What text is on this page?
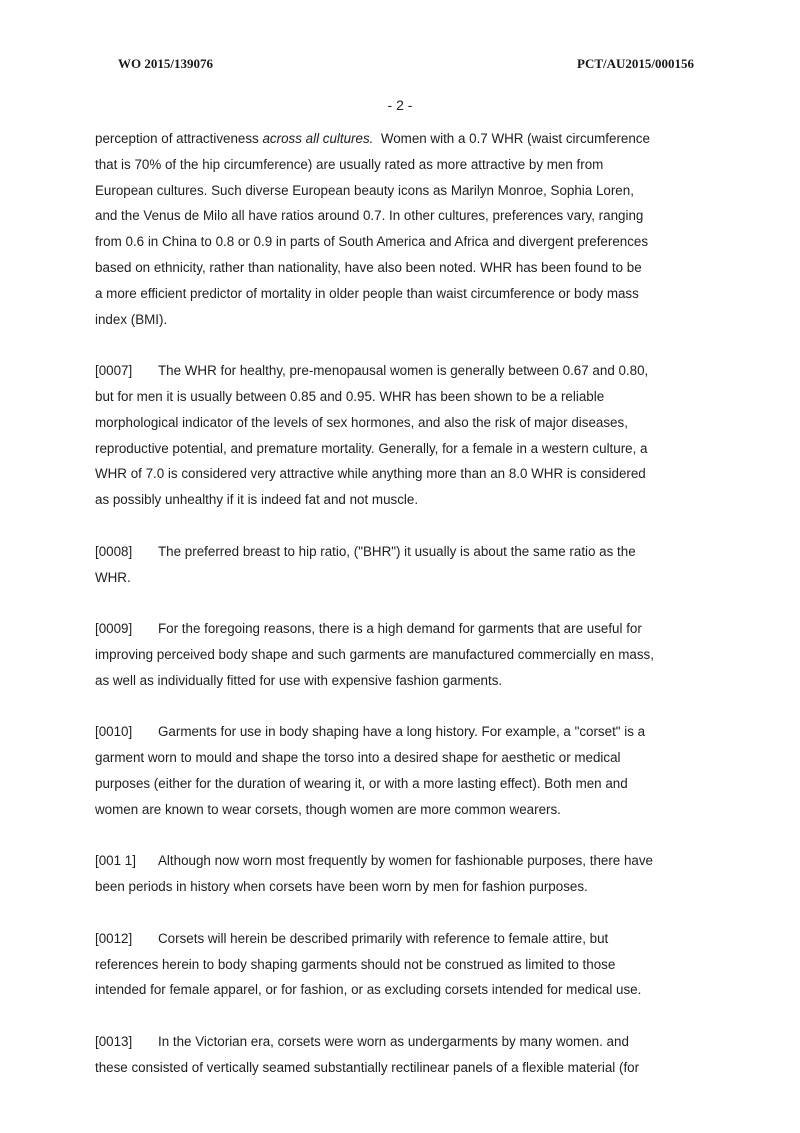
WO 2015/139076	PCT/AU2015/000156
- 2 -

perception of attractiveness across all cultures.  Women with a 0.7 WHR (waist circumference
that is 70% of the hip circumference) are usually rated as more attractive by men from
European cultures. Such diverse European beauty icons as Marilyn Monroe, Sophia Loren,
and the Venus de Milo all have ratios around 0.7. In other cultures, preferences vary, ranging
from 0.6 in China to 0.8 or 0.9 in parts of South America and Africa and divergent preferences
based on ethnicity, rather than nationality, have also been noted. WHR has been found to be
a more efficient predictor of mortality in older people than waist circumference or body mass
index (BMI).

[0007] The WHR for healthy, pre-menopausal women is generally between 0.67 and 0.80,
but for men it is usually between 0.85 and 0.95. WHR has been shown to be a reliable
morphological indicator of the levels of sex hormones, and also the risk of major diseases,
reproductive potential, and premature mortality. Generally, for a female in a western culture, a
WHR of 7.0 is considered very attractive while anything more than an 8.0 WHR is considered
as possibly unhealthy if it is indeed fat and not muscle.

[0008] The preferred breast to hip ratio, ("BHR") it usually is about the same ratio as the
WHR.

[0009] For the foregoing reasons, there is a high demand for garments that are useful for
improving perceived body shape and such garments are manufactured commercially en mass,
as well as individually fitted for use with expensive fashion garments.

[0010] Garments for use in body shaping have a long history. For example, a "corset" is a
garment worn to mould and shape the torso into a desired shape for aesthetic or medical
purposes (either for the duration of wearing it, or with a more lasting effect). Both men and
women are known to wear corsets, though women are more common wearers.

[001 1] Although now worn most frequently by women for fashionable purposes, there have
been periods in history when corsets have been worn by men for fashion purposes.

[0012] Corsets will herein be described primarily with reference to female attire, but
references herein to body shaping garments should not be construed as limited to those
intended for female apparel, or for fashion, or as excluding corsets intended for medical use.

[0013] In the Victorian era, corsets were worn as undergarments by many women. and
these consisted of vertically seamed substantially rectilinear panels of a flexible material (for
